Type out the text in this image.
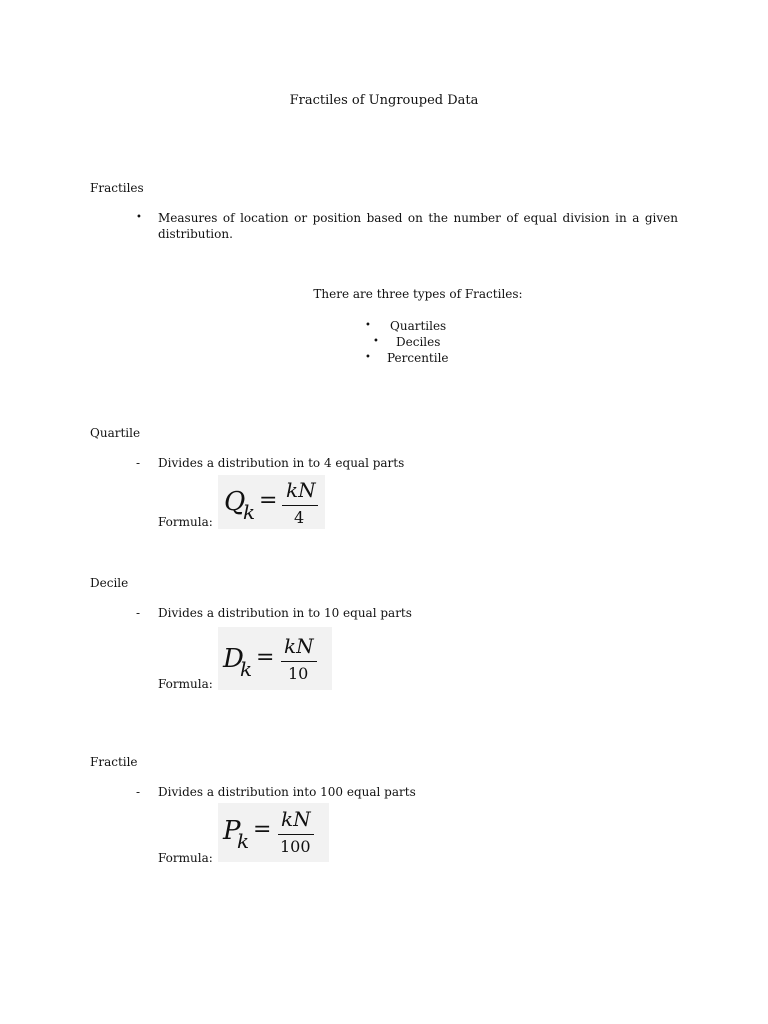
Fractiles of Ungrouped Data
Fractiles
• Measures of location or position based on the number of equal division in a given distribution.
There are three types of Fractiles:
• Quartiles
• Deciles
• Percentile
Quartile
- Divides a distribution in to 4 equal parts
Formula:
Q
k = kN
4
Decile
- Divides a distribution in to 10 equal parts
Formula:
D
k = kN
10
Fractile
- Divides a distribution into 100 equal parts
Formula:
P
k = kN
100
